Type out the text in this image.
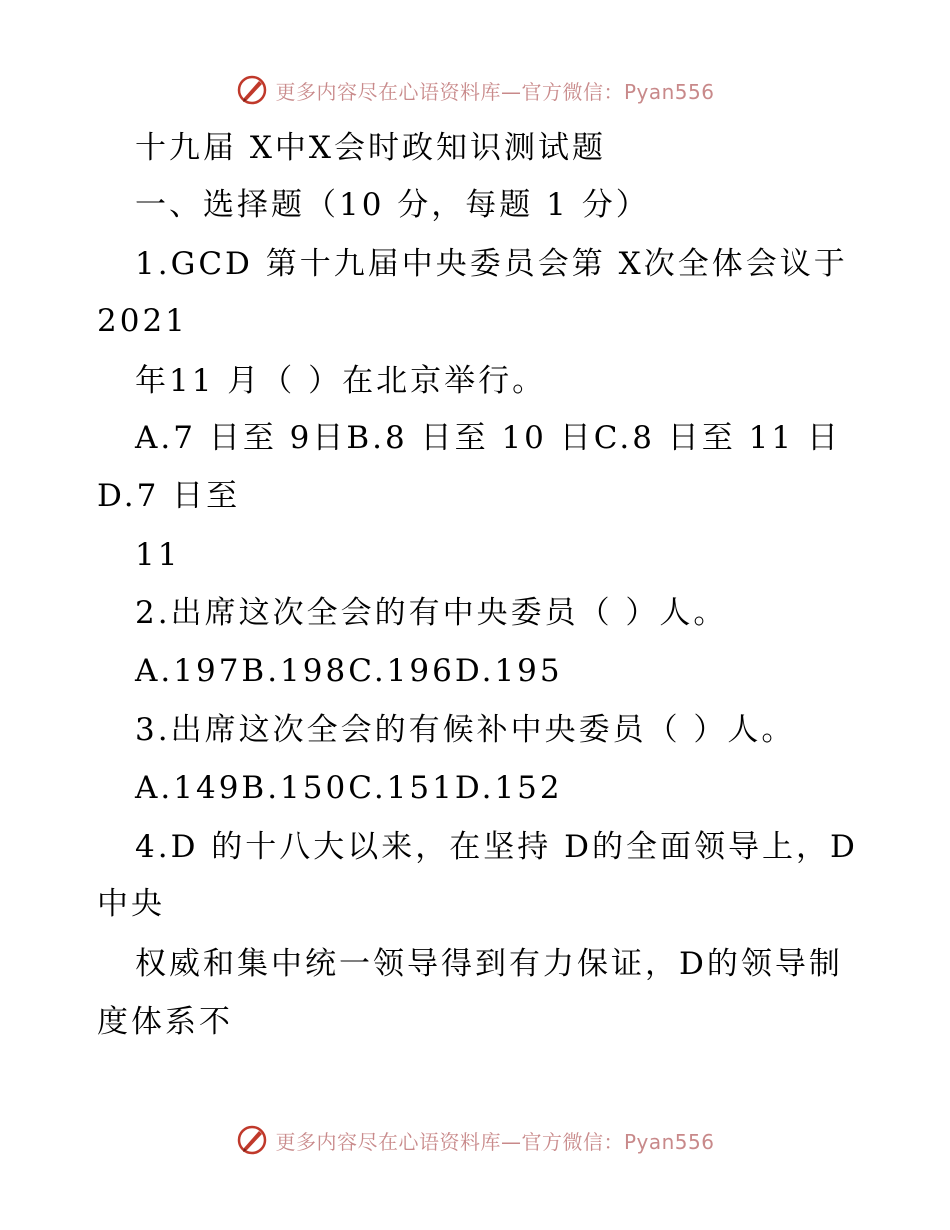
更多内容尽在心语资料库—官方微信：Pyan556
十九届 X中X会时政知识测试题
一、选择题（10 分，每题 1 分）
1.GCD 第十九届中央委员会第 X次全体会议于
2021
年11 月（ ）在北京举行。
A.7 日至 9日B.8 日至 10 日C.8 日至 11 日
D.7 日至
11
2.出席这次全会的有中央委员（ ）人。
A.197B.198C.196D.195
3.出席这次全会的有候补中央委员（ ）人。
A.149B.150C.151D.152
4.D 的十八大以来，在坚持 D的全面领导上，D
中央
权威和集中统一领导得到有力保证，D的领导制
度体系不
更多内容尽在心语资料库—官方微信：Pyan556
